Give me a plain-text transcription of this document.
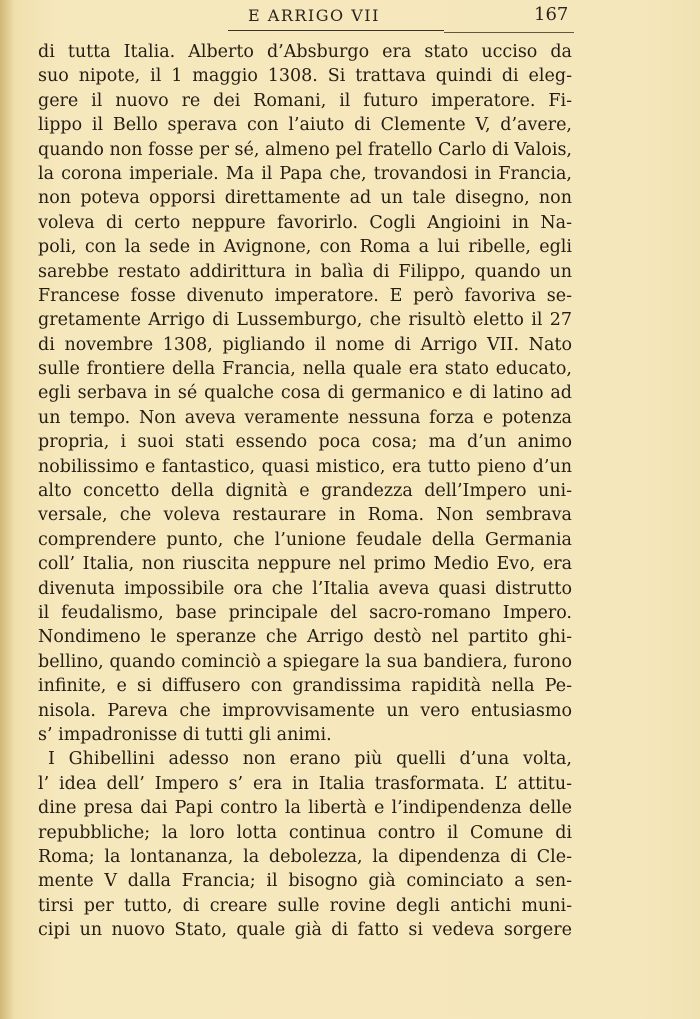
E ARRIGO VII	167
di tutta Italia. Alberto d’Absburgo era stato ucciso da
suo nipote, il 1 maggio 1308. Si trattava quindi di eleg-
gere il nuovo re dei Romani, il futuro imperatore. Fi-
lippo il Bello sperava con l’aiuto di Clemente V, d’avere,
quando non fosse per sé, almeno pel fratello Carlo di Valois,
la corona imperiale. Ma il Papa che, trovandosi in Francia,
non poteva opporsi direttamente ad un tale disegno, non
voleva di certo neppure favorirlo. Cogli Angioini in Na-
poli, con la sede in Avignone, con Roma a lui ribelle, egli
sarebbe restato addirittura in balìa di Filippo, quando un
Francese fosse divenuto imperatore. E però favoriva se-
gretamente Arrigo di Lussemburgo, che risultò eletto il 27
di novembre 1308, pigliando il nome di Arrigo VII. Nato
sulle frontiere della Francia, nella quale era stato educato,
egli serbava in sé qualche cosa di germanico e di latino ad
un tempo. Non aveva veramente nessuna forza e potenza
propria, i suoi stati essendo poca cosa; ma d’un animo
nobilissimo e fantastico, quasi mistico, era tutto pieno d’un
alto concetto della dignità e grandezza dell’Impero uni-
versale, che voleva restaurare in Roma. Non sembrava
comprendere punto, che l’unione feudale della Germania
coll’ Italia, non riuscita neppure nel primo Medio Evo, era
divenuta impossibile ora che l’Italia aveva quasi distrutto
il feudalismo, base principale del sacro-romano Impero.
Nondimeno le speranze che Arrigo destò nel partito ghi-
bellino, quando cominciò a spiegare la sua bandiera, furono
infinite, e si diffusero con grandissima rapidità nella Pe-
nisola. Pareva che improvvisamente un vero entusiasmo
s’ impadronisse di tutti gli animi.
I Ghibellini adesso non erano più quelli d’una volta,
l’ idea dell’ Impero s’ era in Italia trasformata. L’ attitu-
dine presa dai Papi contro la libertà e l’indipendenza delle
repubbliche; la loro lotta continua contro il Comune di
Roma; la lontananza, la debolezza, la dipendenza di Cle-
mente V dalla Francia; il bisogno già cominciato a sen-
tirsi per tutto, di creare sulle rovine degli antichi muni-
cipi un nuovo Stato, quale già di fatto si vedeva sorgere
